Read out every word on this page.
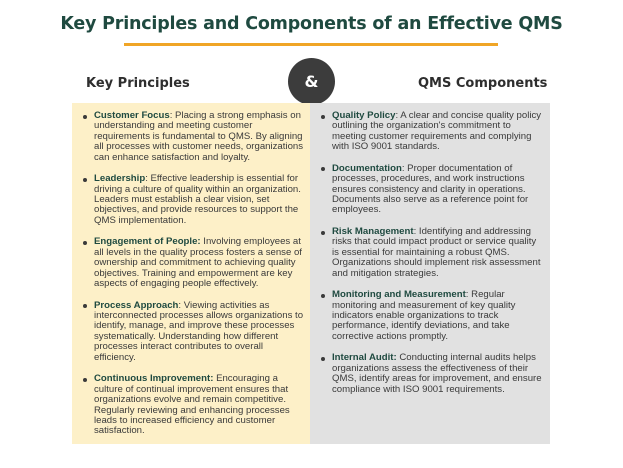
Key Principles and Components of an Effective QMS
Key Principles	&	QMS Components
Customer Focus: Placing a strong emphasis on understanding and meeting customer requirements is fundamental to QMS. By aligning all processes with customer needs, organizations can enhance satisfaction and loyalty.
Leadership: Effective leadership is essential for driving a culture of quality within an organization. Leaders must establish a clear vision, set objectives, and provide resources to support the QMS implementation.
Engagement of People: Involving employees at all levels in the quality process fosters a sense of ownership and commitment to achieving quality objectives. Training and empowerment are key aspects of engaging people effectively.
Process Approach: Viewing activities as interconnected processes allows organizations to identify, manage, and improve these processes systematically. Understanding how different processes interact contributes to overall efficiency.
Continuous Improvement: Encouraging a culture of continual improvement ensures that organizations evolve and remain competitive. Regularly reviewing and enhancing processes leads to increased efficiency and customer satisfaction.
Quality Policy: A clear and concise quality policy outlining the organization's commitment to meeting customer requirements and complying with ISO 9001 standards.
Documentation: Proper documentation of processes, procedures, and work instructions ensures consistency and clarity in operations. Documents also serve as a reference point for employees.
Risk Management: Identifying and addressing risks that could impact product or service quality is essential for maintaining a robust QMS. Organizations should implement risk assessment and mitigation strategies.
Monitoring and Measurement: Regular monitoring and measurement of key quality indicators enable organizations to track performance, identify deviations, and take corrective actions promptly.
Internal Audit: Conducting internal audits helps organizations assess the effectiveness of their QMS, identify areas for improvement, and ensure compliance with ISO 9001 requirements.
